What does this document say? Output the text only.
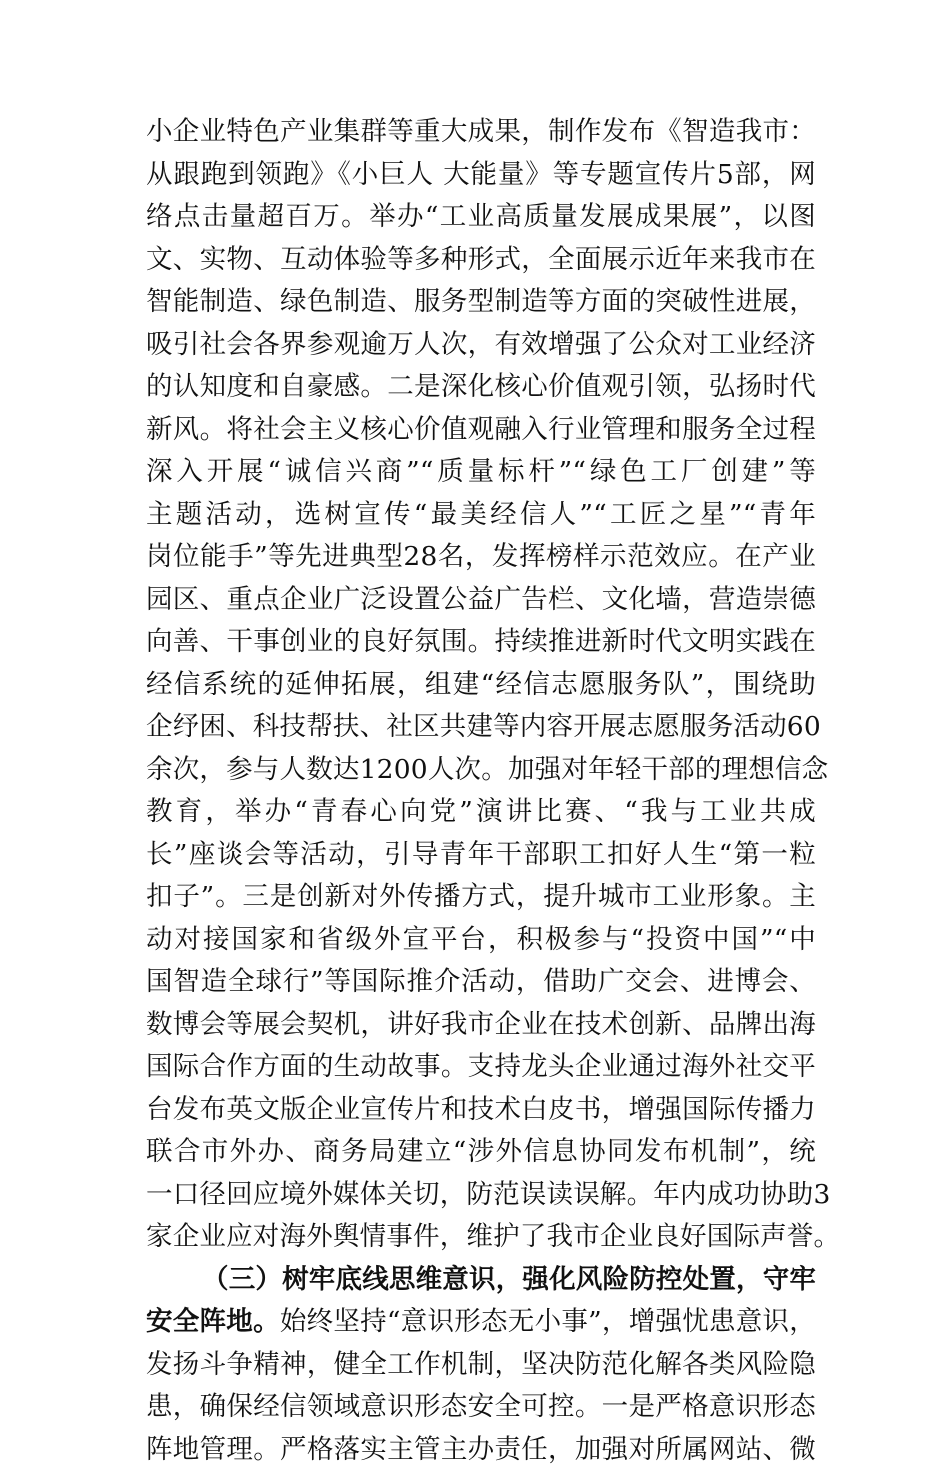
小企业特色产业集群等重大成果，制作发布《智造我市：
从跟跑到领跑》《小巨人 大能量》等专题宣传片5部，网
络点击量超百万。举办“工业高质量发展成果展”，以图
文、实物、互动体验等多种形式，全面展示近年来我市在
智能制造、绿色制造、服务型制造等方面的突破性进展，
吸引社会各界参观逾万人次，有效增强了公众对工业经济
的认知度和自豪感。二是深化核心价值观引领，弘扬时代
新风。将社会主义核心价值观融入行业管理和服务全过程
深入开展“诚信兴商”“质量标杆”“绿色工厂创建”等
主题活动，选树宣传“最美经信人”“工匠之星”“青年
岗位能手”等先进典型28名，发挥榜样示范效应。在产业
园区、重点企业广泛设置公益广告栏、文化墙，营造崇德
向善、干事创业的良好氛围。持续推进新时代文明实践在
经信系统的延伸拓展，组建“经信志愿服务队”，围绕助
企纾困、科技帮扶、社区共建等内容开展志愿服务活动60
余次，参与人数达1200人次。加强对年轻干部的理想信念
教育，举办“青春心向党”演讲比赛、“我与工业共成
长”座谈会等活动，引导青年干部职工扣好人生“第一粒
扣子”。三是创新对外传播方式，提升城市工业形象。主
动对接国家和省级外宣平台，积极参与“投资中国”“中
国智造全球行”等国际推介活动，借助广交会、进博会、
数博会等展会契机，讲好我市企业在技术创新、品牌出海
国际合作方面的生动故事。支持龙头企业通过海外社交平
台发布英文版企业宣传片和技术白皮书，增强国际传播力
联合市外办、商务局建立“涉外信息协同发布机制”，统
一口径回应境外媒体关切，防范误读误解。年内成功协助3
家企业应对海外舆情事件，维护了我市企业良好国际声誉。
（三）树牢底线思维意识，强化风险防控处置，守牢
安全阵地。始终坚持“意识形态无小事”，增强忧患意识，
发扬斗争精神，健全工作机制，坚决防范化解各类风险隐
患，确保经信领域意识形态安全可控。一是严格意识形态
阵地管理。严格落实主管主办责任，加强对所属网站、微
